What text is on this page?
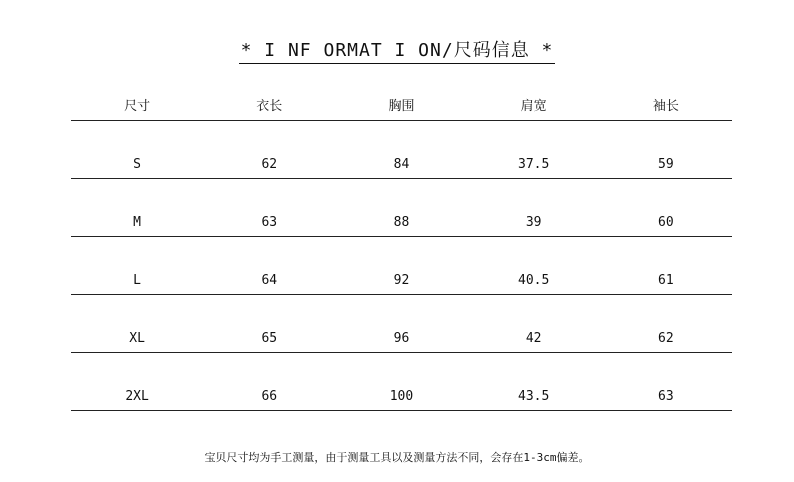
* I NF ORMAT I ON/尺码信息 *
尺寸	衣长	胸围	肩宽	袖长
S	62	84	37.5	59
M	63	88	39	60
L	64	92	40.5	61
XL	65	96	42	62
2XL	66	100	43.5	63
宝贝尺寸均为手工测量，由于测量工具以及测量方法不同，会存在1-3cm偏差。
